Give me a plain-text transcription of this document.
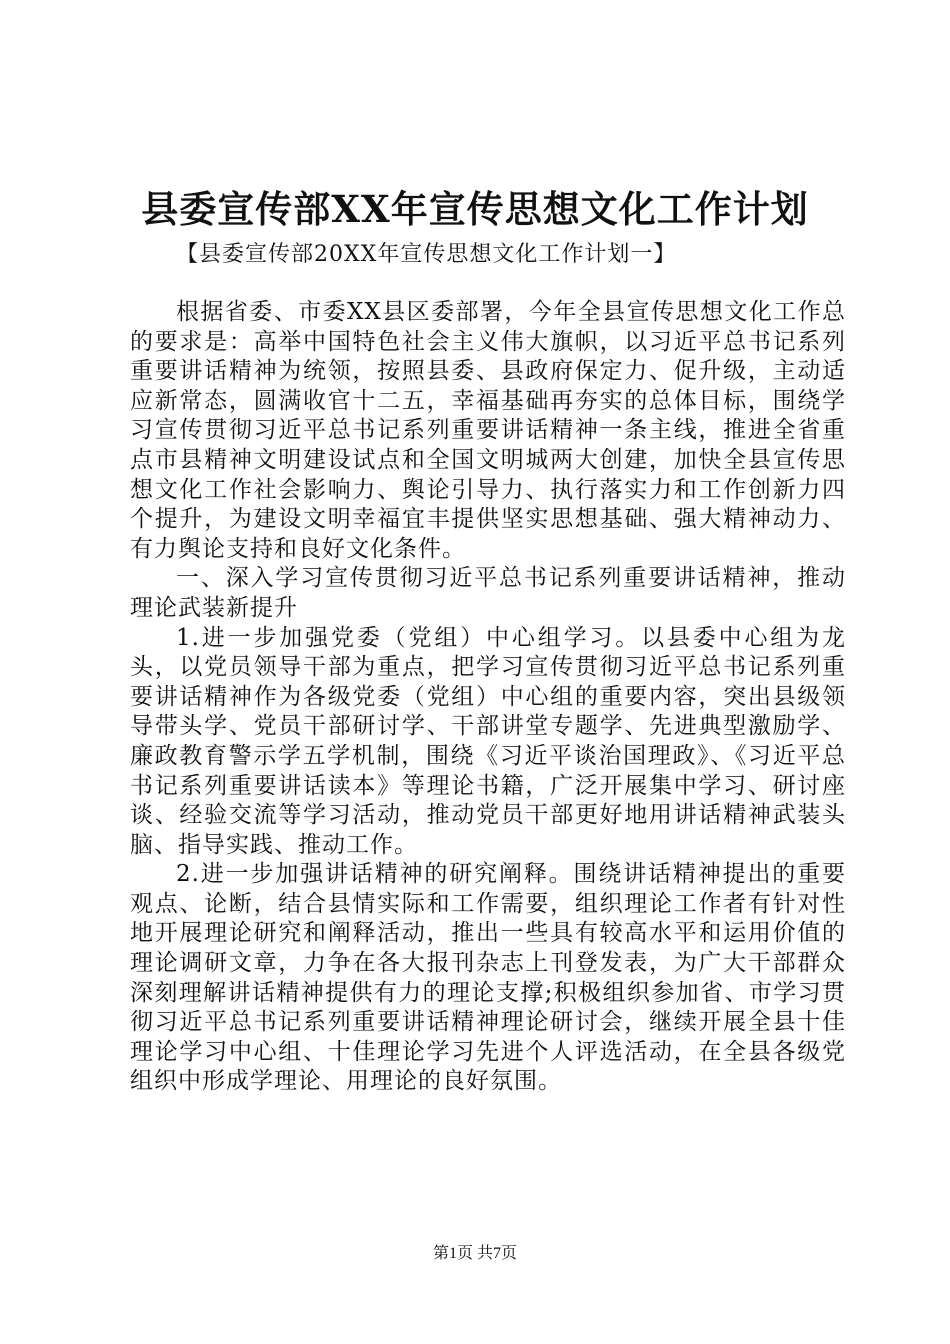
县委宣传部XX年宣传思想文化工作计划
【县委宣传部20XX年宣传思想文化工作计划一】

根据省委、市委XX县区委部署，今年全县宣传思想文化工作总的要求是：高举中国特色社会主义伟大旗帜，以习近平总书记系列重要讲话精神为统领，按照县委、县政府保定力、促升级，主动适应新常态，圆满收官十二五，幸福基础再夯实的总体目标，围绕学习宣传贯彻习近平总书记系列重要讲话精神一条主线，推进全省重点市县精神文明建设试点和全国文明城两大创建，加快全县宣传思想文化工作社会影响力、舆论引导力、执行落实力和工作创新力四个提升，为建设文明幸福宜丰提供坚实思想基础、强大精神动力、有力舆论支持和良好文化条件。

一、深入学习宣传贯彻习近平总书记系列重要讲话精神，推动理论武装新提升

1.进一步加强党委（党组）中心组学习。以县委中心组为龙头，以党员领导干部为重点，把学习宣传贯彻习近平总书记系列重要讲话精神作为各级党委（党组）中心组的重要内容，突出县级领导带头学、党员干部研讨学、干部讲堂专题学、先进典型激励学、廉政教育警示学五学机制，围绕《习近平谈治国理政》、《习近平总书记系列重要讲话读本》等理论书籍，广泛开展集中学习、研讨座谈、经验交流等学习活动，推动党员干部更好地用讲话精神武装头脑、指导实践、推动工作。

2.进一步加强讲话精神的研究阐释。围绕讲话精神提出的重要观点、论断，结合县情实际和工作需要，组织理论工作者有针对性地开展理论研究和阐释活动，推出一些具有较高水平和运用价值的理论调研文章，力争在各大报刊杂志上刊登发表，为广大干部群众深刻理解讲话精神提供有力的理论支撑;积极组织参加省、市学习贯彻习近平总书记系列重要讲话精神理论研讨会，继续开展全县十佳理论学习中心组、十佳理论学习先进个人评选活动，在全县各级党组织中形成学理论、用理论的良好氛围。

第1页 共7页
